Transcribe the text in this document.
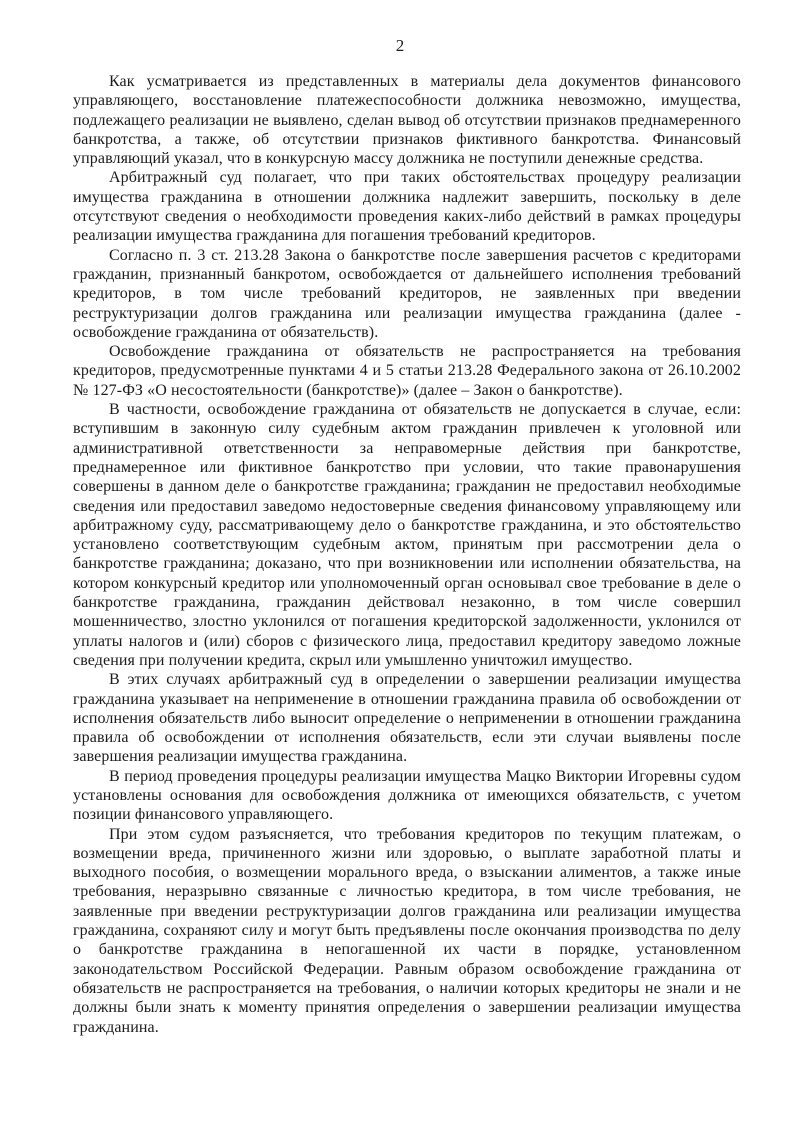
2

Как усматривается из представленных в материалы дела документов финансового управляющего, восстановление платежеспособности должника невозможно, имущества, подлежащего реализации не выявлено, сделан вывод об отсутствии признаков преднамеренного банкротства, а также, об отсутствии признаков фиктивного банкротства. Финансовый управляющий указал, что в конкурсную массу должника не поступили денежные средства.

Арбитражный суд полагает, что при таких обстоятельствах процедуру реализации имущества гражданина в отношении должника надлежит завершить, поскольку в деле отсутствуют сведения о необходимости проведения каких-либо действий в рамках процедуры реализации имущества гражданина для погашения требований кредиторов.

Согласно п. 3 ст. 213.28 Закона о банкротстве после завершения расчетов с кредиторами гражданин, признанный банкротом, освобождается от дальнейшего исполнения требований кредиторов, в том числе требований кредиторов, не заявленных при введении реструктуризации долгов гражданина или реализации имущества гражданина (далее - освобождение гражданина от обязательств).

Освобождение гражданина от обязательств не распространяется на требования кредиторов, предусмотренные пунктами 4 и 5 статьи 213.28 Федерального закона от 26.10.2002 № 127-ФЗ «О несостоятельности (банкротстве)» (далее – Закон о банкротстве).

В частности, освобождение гражданина от обязательств не допускается в случае, если: вступившим в законную силу судебным актом гражданин привлечен к уголовной или административной ответственности за неправомерные действия при банкротстве, преднамеренное или фиктивное банкротство при условии, что такие правонарушения совершены в данном деле о банкротстве гражданина; гражданин не предоставил необходимые сведения или предоставил заведомо недостоверные сведения финансовому управляющему или арбитражному суду, рассматривающему дело о банкротстве гражданина, и это обстоятельство установлено соответствующим судебным актом, принятым при рассмотрении дела о банкротстве гражданина; доказано, что при возникновении или исполнении обязательства, на котором конкурсный кредитор или уполномоченный орган основывал свое требование в деле о банкротстве гражданина, гражданин действовал незаконно, в том числе совершил мошенничество, злостно уклонился от погашения кредиторской задолженности, уклонился от уплаты налогов и (или) сборов с физического лица, предоставил кредитору заведомо ложные сведения при получении кредита, скрыл или умышленно уничтожил имущество.

В этих случаях арбитражный суд в определении о завершении реализации имущества гражданина указывает на неприменение в отношении гражданина правила об освобождении от исполнения обязательств либо выносит определение о неприменении в отношении гражданина правила об освобождении от исполнения обязательств, если эти случаи выявлены после завершения реализации имущества гражданина.

В период проведения процедуры реализации имущества Мацко Виктории Игоревны судом установлены основания для освобождения должника от имеющихся обязательств, с учетом позиции финансового управляющего.

При этом судом разъясняется, что требования кредиторов по текущим платежам, о возмещении вреда, причиненного жизни или здоровью, о выплате заработной платы и выходного пособия, о возмещении морального вреда, о взыскании алиментов, а также иные требования, неразрывно связанные с личностью кредитора, в том числе требования, не заявленные при введении реструктуризации долгов гражданина или реализации имущества гражданина, сохраняют силу и могут быть предъявлены после окончания производства по делу о банкротстве гражданина в непогашенной их части в порядке, установленном законодательством Российской Федерации. Равным образом освобождение гражданина от обязательств не распространяется на требования, о наличии которых кредиторы не знали и не должны были знать к моменту принятия определения о завершении реализации имущества гражданина.
